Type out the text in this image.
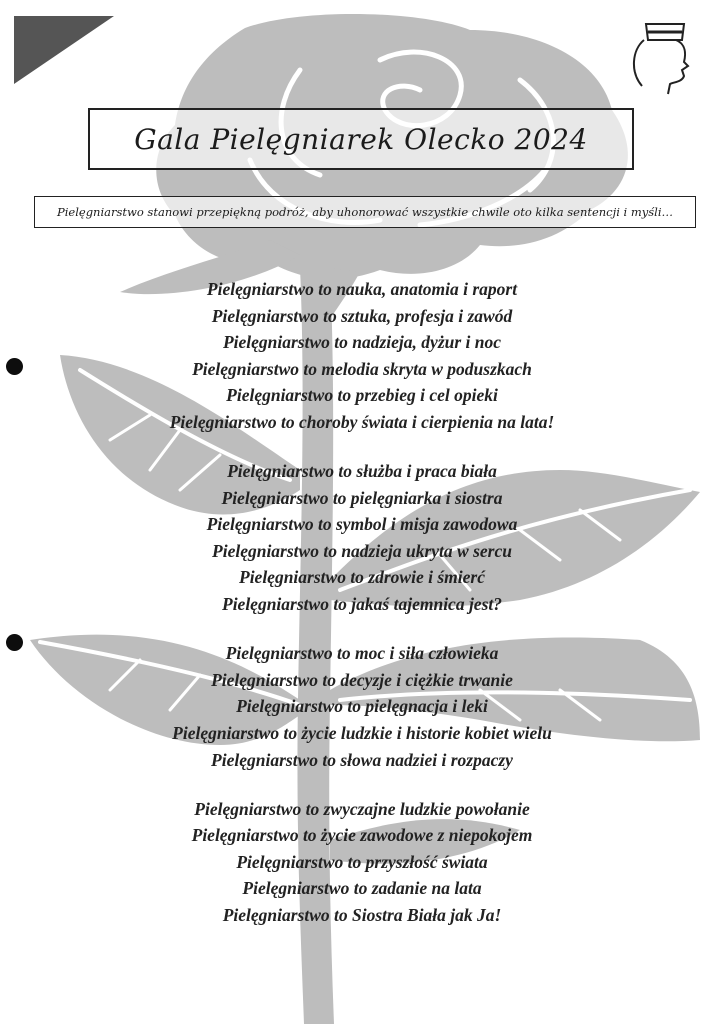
Gala Pielęgniarek Olecko 2024
Pielęgniarstwo stanowi przepiękną podróż, aby uhonorować wszystkie chwile oto kilka sentencji i myśli…
Pielęgniarstwo to nauka, anatomia i raport
Pielęgniarstwo to sztuka, profesja i zawód
Pielęgniarstwo to nadzieja, dyżur i noc
Pielęgniarstwo to melodia skryta w poduszkach
Pielęgniarstwo to przebieg i cel opieki
Pielęgniarstwo to choroby świata i cierpienia na lata!
Pielęgniarstwo to służba i praca biała
Pielęgniarstwo to pielęgniarka i siostra
Pielęgniarstwo to symbol i misja zawodowa
Pielęgniarstwo to nadzieja ukryta w sercu
Pielęgniarstwo to zdrowie i śmierć
Pielęgniarstwo to jakaś tajemnica jest?
Pielęgniarstwo to moc i siła człowieka
Pielęgniarstwo to decyzje i ciężkie trwanie
Pielęgniarstwo to pielęgnacja i leki
Pielęgniarstwo to życie ludzkie i historie kobiet wielu
Pielęgniarstwo to słowa nadziei i rozpaczy
Pielęgniarstwo to zwyczajne ludzkie powołanie
Pielęgniarstwo to życie zawodowe z niepokojem
Pielęgniarstwo to przyszłość świata
Pielęgniarstwo to zadanie na lata
Pielęgniarstwo to Siostra Biała jak Ja!
